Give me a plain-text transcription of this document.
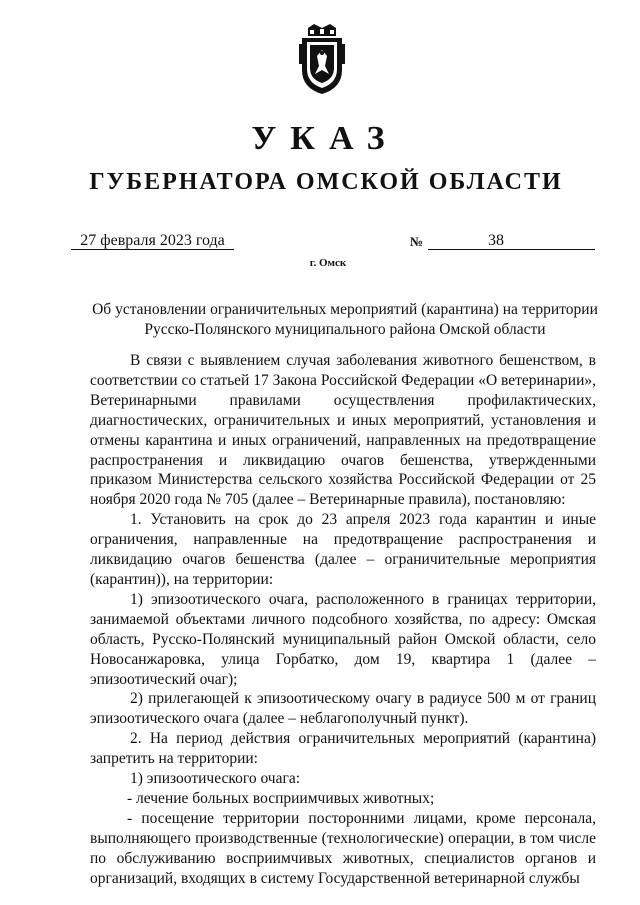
УКАЗ
ГУБЕРНАТОРА ОМСКОЙ ОБЛАСТИ
27 февраля 2023 года	№	38
г. Омск
Об установлении ограничительных мероприятий (карантина) на территории
Русско-Полянского муниципального района Омской области

В связи с выявлением случая заболевания животного бешенством, в соответствии со статьей 17 Закона Российской Федерации «О ветеринарии», Ветеринарными правилами осуществления профилактических, диагностических, ограничительных и иных мероприятий, установления и отмены карантина и иных ограничений, направленных на предотвращение распространения и ликвидацию очагов бешенства, утвержденными приказом Министерства сельского хозяйства Российской Федерации от 25 ноября 2020 года № 705 (далее – Ветеринарные правила), постановляю:

1. Установить на срок до 23 апреля 2023 года карантин и иные ограничения, направленные на предотвращение распространения и ликвидацию очагов бешенства (далее – ограничительные мероприятия (карантин)), на территории:

1) эпизоотического очага, расположенного в границах территории, занимаемой объектами личного подсобного хозяйства, по адресу: Омская область, Русско-Полянский муниципальный район Омской области, село Новосанжаровка, улица Горбатко, дом 19, квартира 1 (далее – эпизоотический очаг);

2) прилегающей к эпизоотическому очагу в радиусе 500 м от границ эпизоотического очага (далее – неблагополучный пункт).

2. На период действия ограничительных мероприятий (карантина) запретить на территории:

1) эпизоотического очага:

- лечение больных восприимчивых животных;

- посещение территории посторонними лицами, кроме персонала, выполняющего производственные (технологические) операции, в том числе по обслуживанию восприимчивых животных, специалистов органов и организаций, входящих в систему Государственной ветеринарной службы
